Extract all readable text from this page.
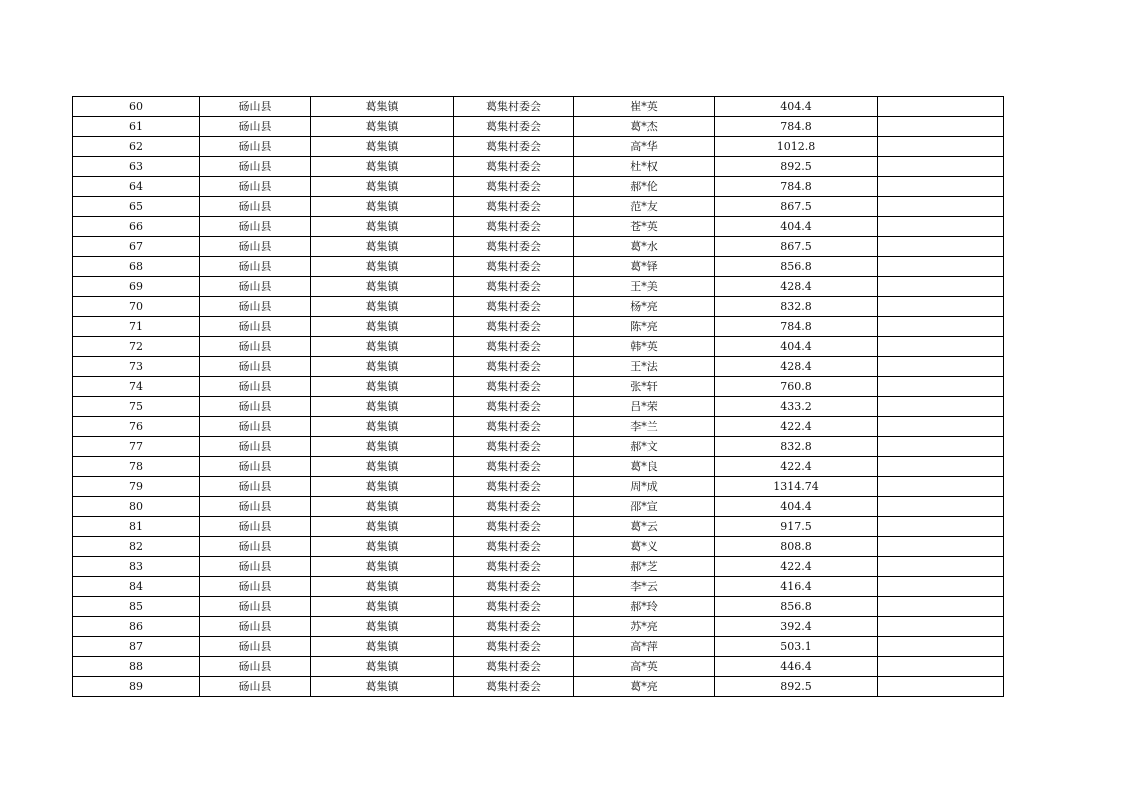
60	砀山县	葛集镇	葛集村委会	崔*英	404.4	
61	砀山县	葛集镇	葛集村委会	葛*杰	784.8	
62	砀山县	葛集镇	葛集村委会	高*华	1012.8	
63	砀山县	葛集镇	葛集村委会	杜*权	892.5	
64	砀山县	葛集镇	葛集村委会	郝*伦	784.8	
65	砀山县	葛集镇	葛集村委会	范*友	867.5	
66	砀山县	葛集镇	葛集村委会	苍*英	404.4	
67	砀山县	葛集镇	葛集村委会	葛*水	867.5	
68	砀山县	葛集镇	葛集村委会	葛*铎	856.8	
69	砀山县	葛集镇	葛集村委会	王*美	428.4	
70	砀山县	葛集镇	葛集村委会	杨*亮	832.8	
71	砀山县	葛集镇	葛集村委会	陈*亮	784.8	
72	砀山县	葛集镇	葛集村委会	韩*英	404.4	
73	砀山县	葛集镇	葛集村委会	王*法	428.4	
74	砀山县	葛集镇	葛集村委会	张*轩	760.8	
75	砀山县	葛集镇	葛集村委会	吕*荣	433.2	
76	砀山县	葛集镇	葛集村委会	李*兰	422.4	
77	砀山县	葛集镇	葛集村委会	郝*文	832.8	
78	砀山县	葛集镇	葛集村委会	葛*良	422.4	
79	砀山县	葛集镇	葛集村委会	周*成	1314.74	
80	砀山县	葛集镇	葛集村委会	邵*宣	404.4	
81	砀山县	葛集镇	葛集村委会	葛*云	917.5	
82	砀山县	葛集镇	葛集村委会	葛*义	808.8	
83	砀山县	葛集镇	葛集村委会	郝*芝	422.4	
84	砀山县	葛集镇	葛集村委会	李*云	416.4	
85	砀山县	葛集镇	葛集村委会	郝*玲	856.8	
86	砀山县	葛集镇	葛集村委会	苏*亮	392.4	
87	砀山县	葛集镇	葛集村委会	高*萍	503.1	
88	砀山县	葛集镇	葛集村委会	高*英	446.4	
89	砀山县	葛集镇	葛集村委会	葛*亮	892.5	
